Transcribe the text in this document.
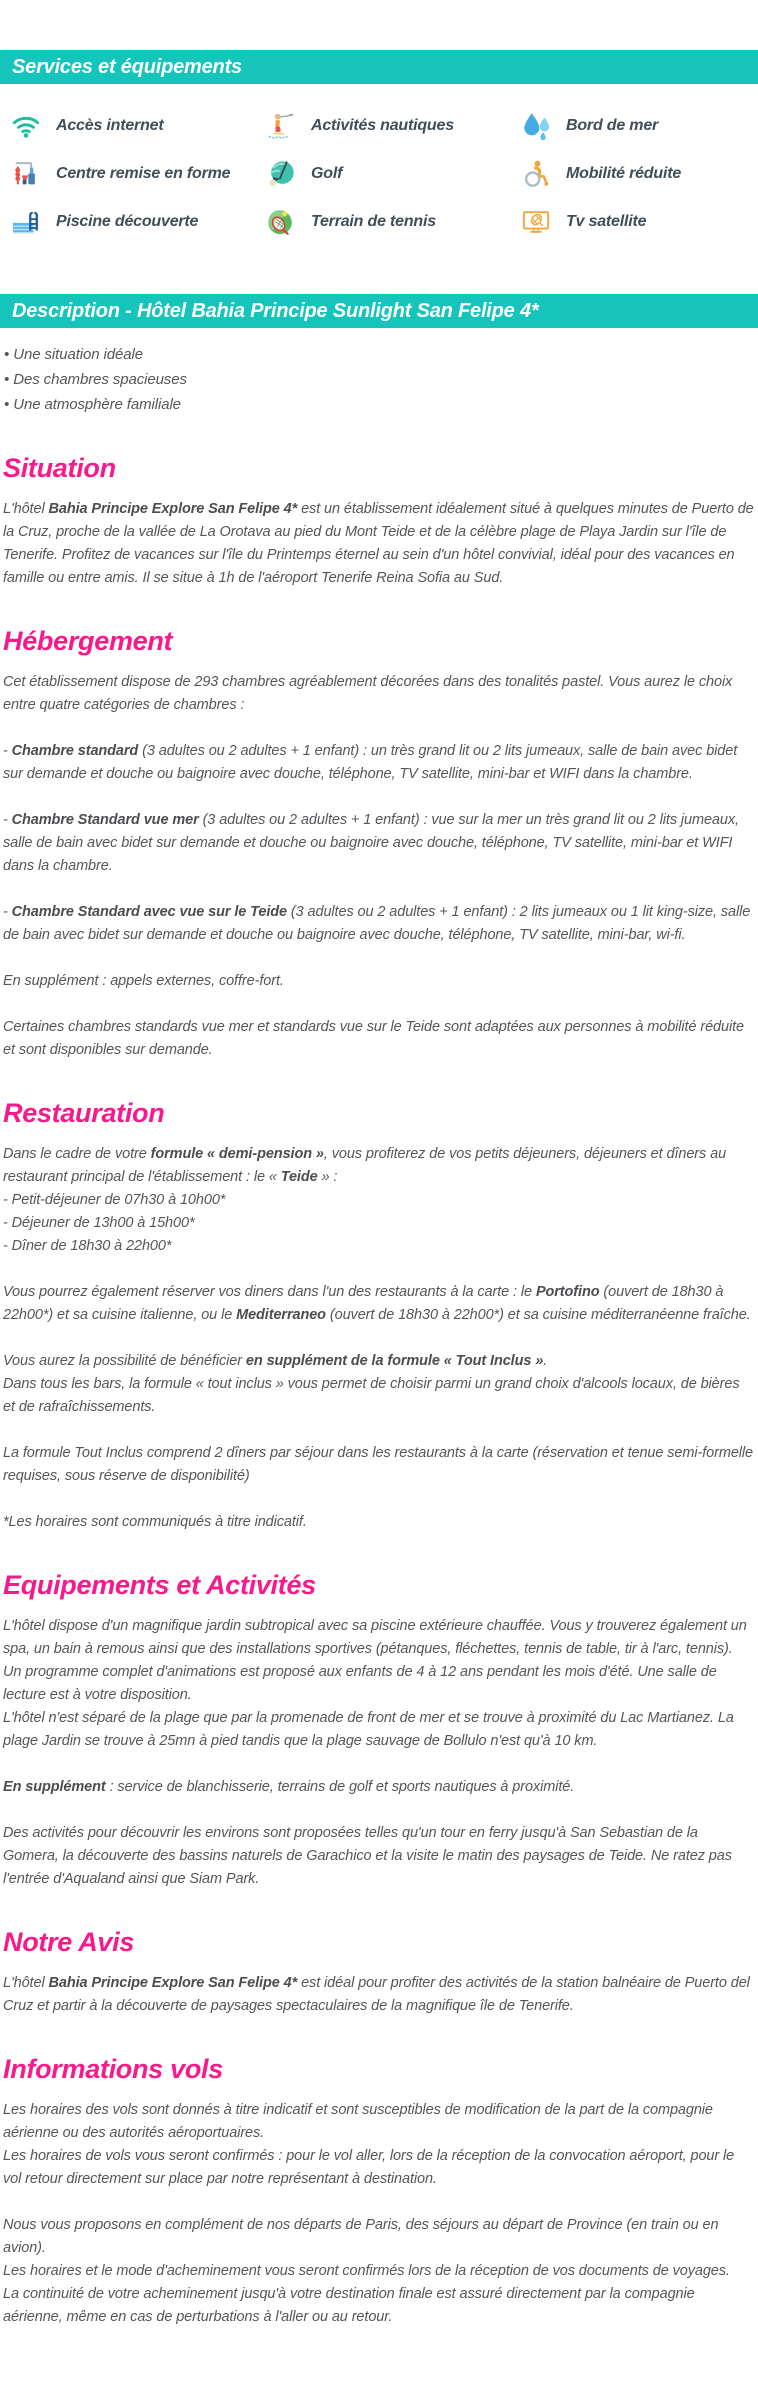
Services et équipements
Accès internet	Activités nautiques	Bord de mer
Centre remise en forme	Golf	Mobilité réduite
Piscine découverte	Terrain de tennis	Tv satellite
Description - Hôtel Bahia Principe Sunlight San Felipe 4*
• Une situation idéale
• Des chambres spacieuses
• Une atmosphère familiale
Situation

L'hôtel Bahia Principe Explore San Felipe 4* est un établissement idéalement situé à quelques minutes de Puerto de la Cruz, proche de la vallée de La Orotava au pied du Mont Teide et de la célèbre plage de Playa Jardin sur l'île de Tenerife. Profitez de vacances sur l'île du Printemps éternel au sein d'un hôtel convivial, idéal pour des vacances en famille ou entre amis. Il se situe à 1h de l'aéroport Tenerife Reina Sofia au Sud.

Hébergement

Cet établissement dispose de 293 chambres agréablement décorées dans des tonalités pastel. Vous aurez le choix entre quatre catégories de chambres :

- Chambre standard (3 adultes ou 2 adultes + 1 enfant) : un très grand lit ou 2 lits jumeaux, salle de bain avec bidet sur demande et douche ou baignoire avec douche, téléphone, TV satellite, mini-bar et WIFI dans la chambre.

- Chambre Standard vue mer (3 adultes ou 2 adultes + 1 enfant) : vue sur la mer un très grand lit ou 2 lits jumeaux, salle de bain avec bidet sur demande et douche ou baignoire avec douche, téléphone, TV satellite, mini-bar et WIFI dans la chambre.

- Chambre Standard avec vue sur le Teide (3 adultes ou 2 adultes + 1 enfant) : 2 lits jumeaux ou 1 lit king-size, salle de bain avec bidet sur demande et douche ou baignoire avec douche, téléphone, TV satellite, mini-bar, wi-fi.

En supplément : appels externes, coffre-fort.

Certaines chambres standards vue mer et standards vue sur le Teide sont adaptées aux personnes à mobilité réduite et sont disponibles sur demande.

Restauration

Dans le cadre de votre formule « demi-pension », vous profiterez de vos petits déjeuners, déjeuners et dîners au restaurant principal de l'établissement : le « Teide » :
- Petit-déjeuner de 07h30 à 10h00*
- Déjeuner de 13h00 à 15h00*
- Dîner de 18h30 à 22h00*

Vous pourrez également réserver vos diners dans l'un des restaurants à la carte : le Portofino (ouvert de 18h30 à 22h00*) et sa cuisine italienne, ou le Mediterraneo (ouvert de 18h30 à 22h00*) et sa cuisine méditerranéenne fraîche.

Vous aurez la possibilité de bénéficier en supplément de la formule « Tout Inclus ».
Dans tous les bars, la formule « tout inclus » vous permet de choisir parmi un grand choix d'alcools locaux, de bières et de rafraîchissements.

La formule Tout Inclus comprend 2 dîners par séjour dans les restaurants à la carte (réservation et tenue semi-formelle requises, sous réserve de disponibilité)

*Les horaires sont communiqués à titre indicatif.

Equipements et Activités

L'hôtel dispose d'un magnifique jardin subtropical avec sa piscine extérieure chauffée. Vous y trouverez également un spa, un bain à remous ainsi que des installations sportives (pétanques, fléchettes, tennis de table, tir à l'arc, tennis). Un programme complet d'animations est proposé aux enfants de 4 à 12 ans pendant les mois d'été. Une salle de lecture est à votre disposition.
L'hôtel n'est séparé de la plage que par la promenade de front de mer et se trouve à proximité du Lac Martianez. La plage Jardin se trouve à 25mn à pied tandis que la plage sauvage de Bollulo n'est qu'à 10 km.

En supplément : service de blanchisserie, terrains de golf et sports nautiques à proximité.

Des activités pour découvrir les environs sont proposées telles qu'un tour en ferry jusqu'à San Sebastian de la Gomera, la découverte des bassins naturels de Garachico et la visite le matin des paysages de Teide. Ne ratez pas l'entrée d'Aqualand ainsi que Siam Park.

Notre Avis

L'hôtel Bahia Principe Explore San Felipe 4* est idéal pour profiter des activités de la station balnéaire de Puerto del Cruz et partir à la découverte de paysages spectaculaires de la magnifique île de Tenerife.

Informations vols

Les horaires des vols sont donnés à titre indicatif et sont susceptibles de modification de la part de la compagnie aérienne ou des autorités aéroportuaires.
Les horaires de vols vous seront confirmés : pour le vol aller, lors de la réception de la convocation aéroport, pour le vol retour directement sur place par notre représentant à destination.

Nous vous proposons en complément de nos départs de Paris, des séjours au départ de Province (en train ou en avion).
Les horaires et le mode d'acheminement vous seront confirmés lors de la réception de vos documents de voyages.
La continuité de votre acheminement jusqu'à votre destination finale est assuré directement par la compagnie aérienne, même en cas de perturbations à l'aller ou au retour.
